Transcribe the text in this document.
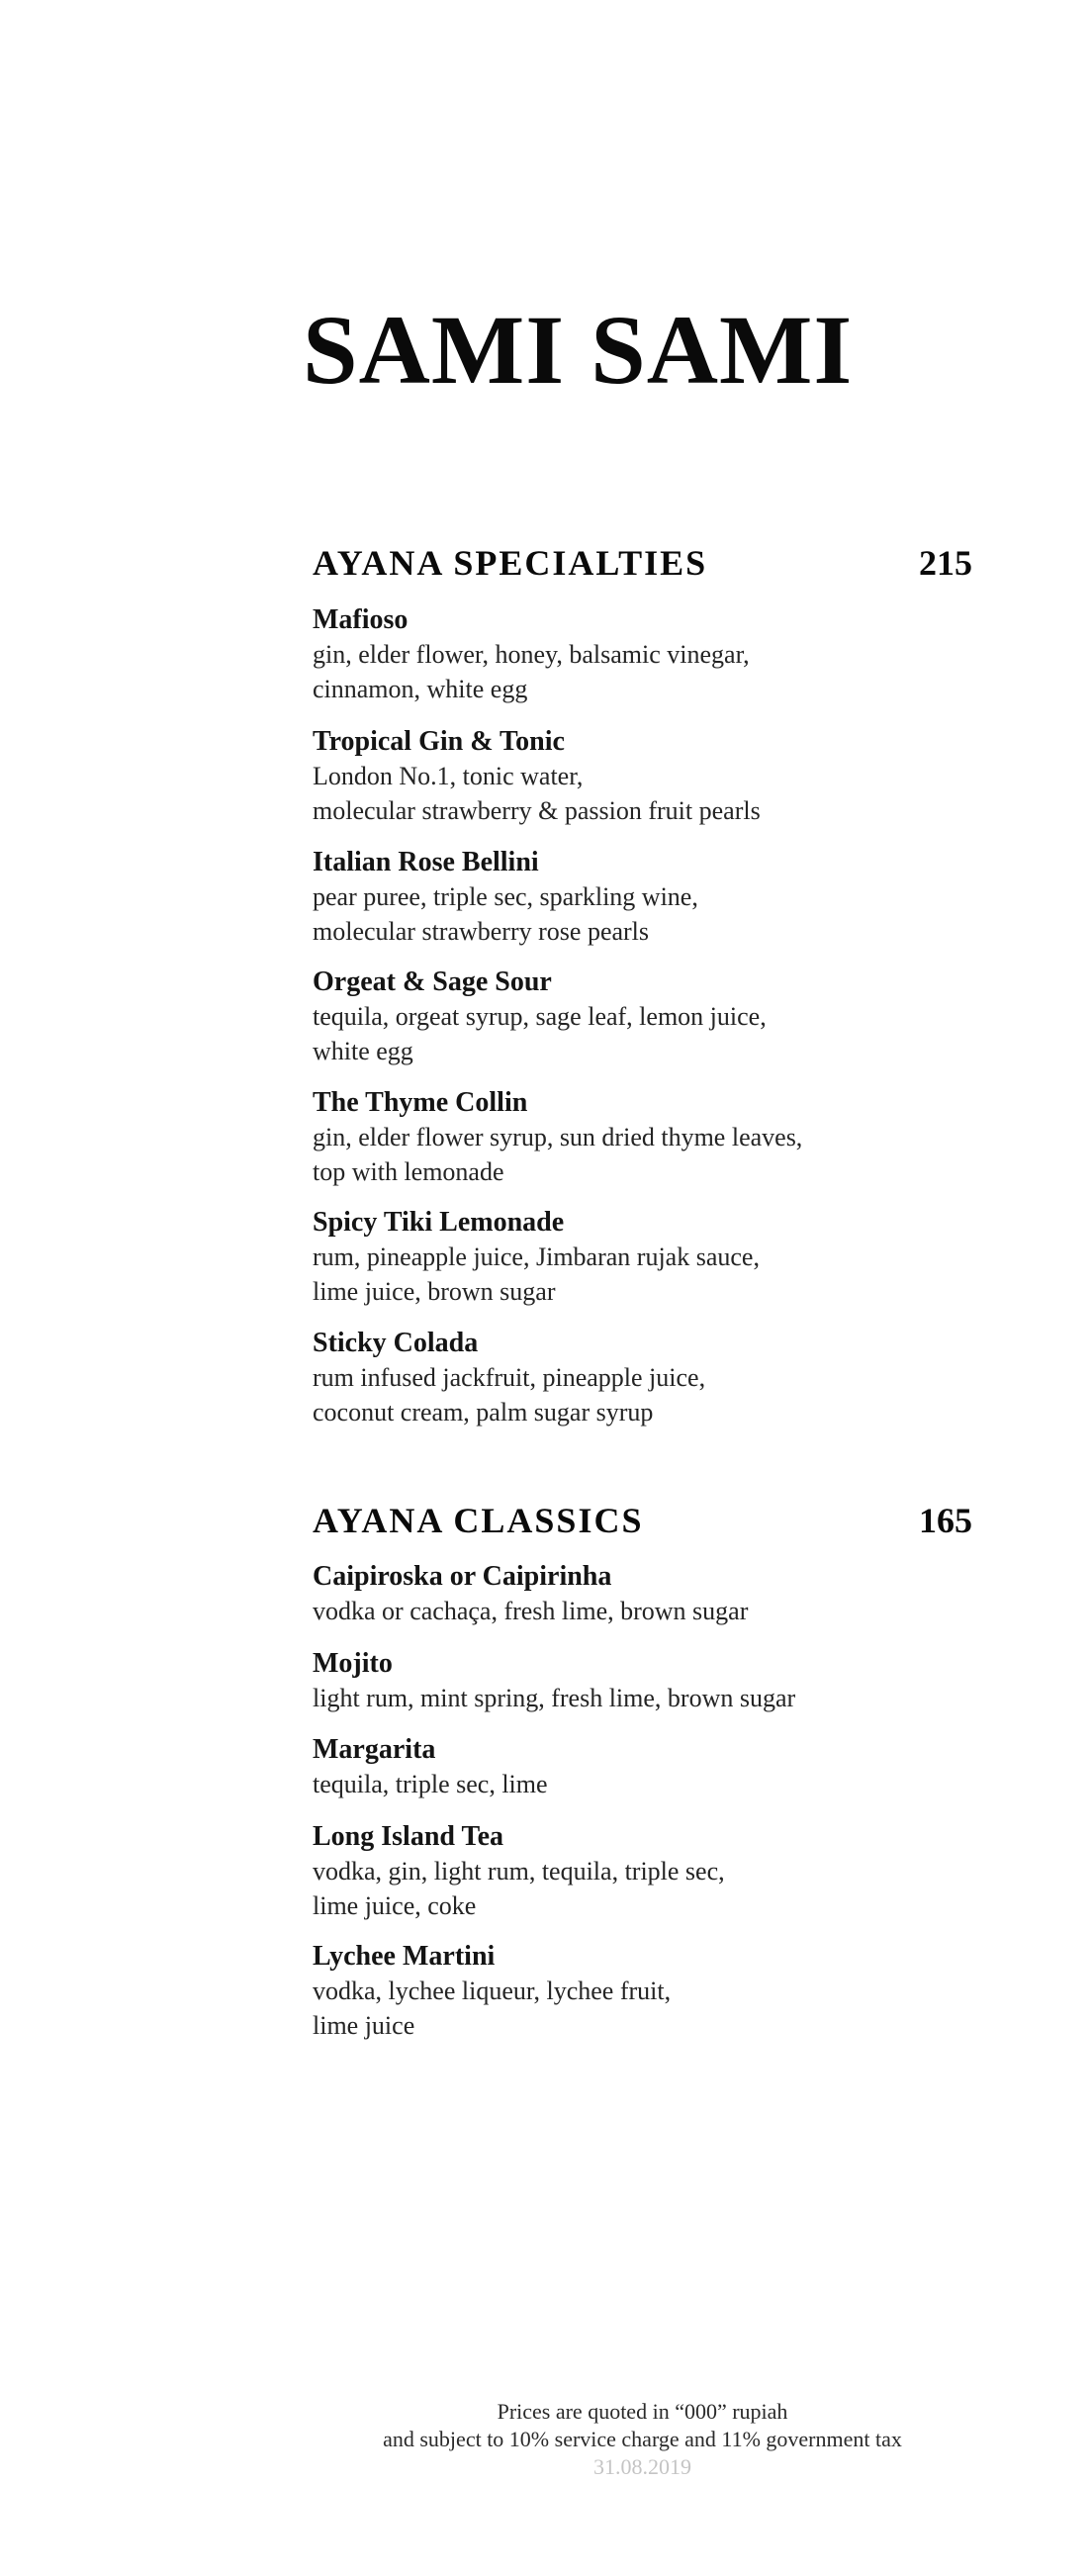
SAMI SAMI
AYANA SPECIALTIES	215
Mafioso
gin, elder flower, honey, balsamic vinegar,
cinnamon, white egg
Tropical Gin & Tonic
London No.1, tonic water,
molecular strawberry & passion fruit pearls
Italian Rose Bellini
pear puree, triple sec, sparkling wine,
molecular strawberry rose pearls
Orgeat & Sage Sour
tequila, orgeat syrup, sage leaf, lemon juice,
white egg
The Thyme Collin
gin, elder flower syrup, sun dried thyme leaves,
top with lemonade
Spicy Tiki Lemonade
rum, pineapple juice, Jimbaran rujak sauce,
lime juice, brown sugar
Sticky Colada
rum infused jackfruit, pineapple juice,
coconut cream, palm sugar syrup
AYANA CLASSICS	165
Caipiroska or Caipirinha
vodka or cachaça, fresh lime, brown sugar
Mojito
light rum, mint spring, fresh lime, brown sugar
Margarita
tequila, triple sec, lime
Long Island Tea
vodka, gin, light rum, tequila, triple sec,
lime juice, coke
Lychee Martini
vodka, lychee liqueur, lychee fruit,
lime juice
Prices are quoted in “000” rupiah
and subject to 10% service charge and 11% government tax
31.08.2019
